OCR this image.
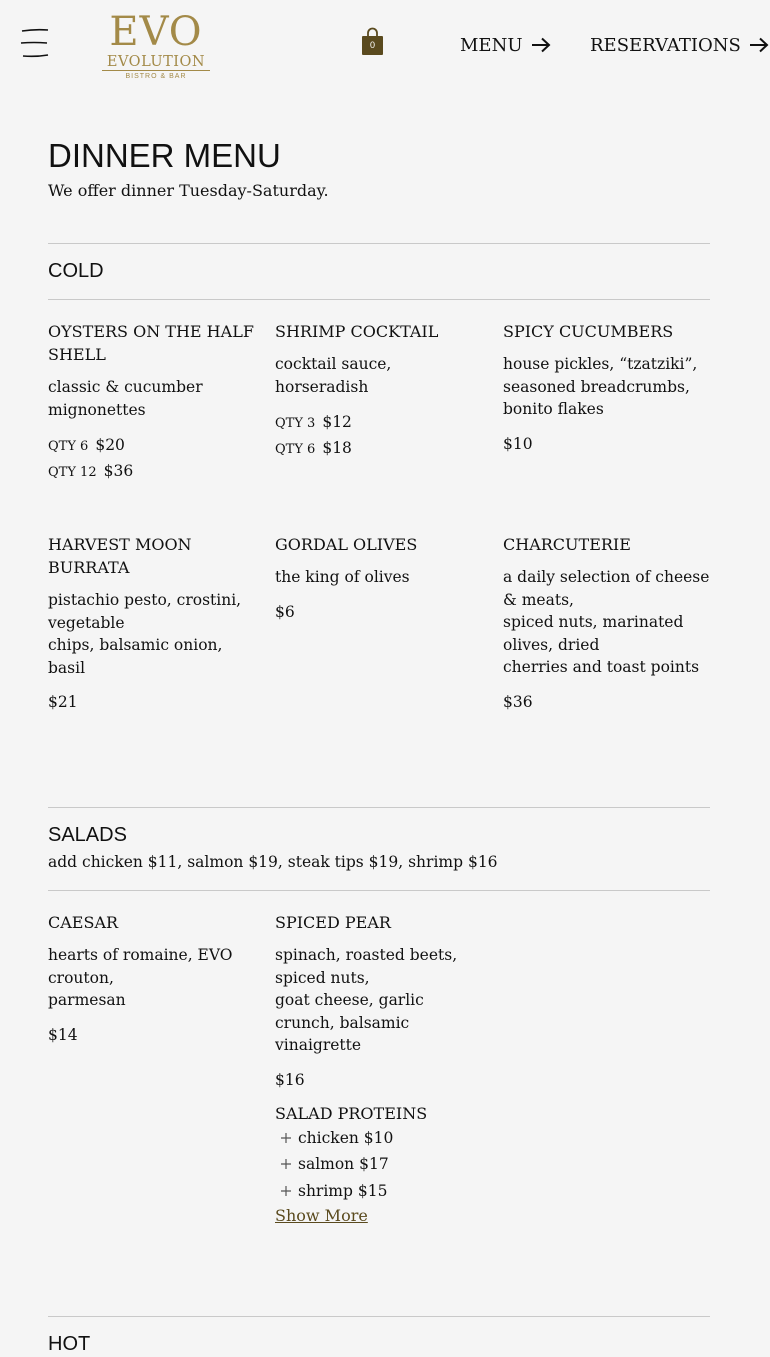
EVO
EVOLUTION
BISTRO & BAR
0	MENU	RESERVATIONS
DINNER MENU
We offer dinner Tuesday-Saturday.
COLD
OYSTERS ON THE HALF SHELL
classic & cucumber mignonettes
QTY 6 $20
QTY 12 $36
SHRIMP COCKTAIL
cocktail sauce, horseradish
QTY 3 $12
QTY 6 $18
SPICY CUCUMBERS
house pickles, “tzatziki”, seasoned breadcrumbs, bonito flakes
$10
HARVEST MOON BURRATA
pistachio pesto, crostini, vegetable
chips, balsamic onion, basil
$21
GORDAL OLIVES
the king of olives
$6
CHARCUTERIE
a daily selection of cheese & meats,
spiced nuts, marinated olives, dried
cherries and toast points
$36
SALADS
add chicken $11, salmon $19, steak tips $19, shrimp $16
CAESAR
hearts of romaine, EVO crouton,
parmesan
$14
SPICED PEAR
spinach, roasted beets, spiced nuts,
goat cheese, garlic crunch, balsamic
vinaigrette
$16
SALAD PROTEINS
chicken $10
salmon $17
shrimp $15
Show More
HOT
